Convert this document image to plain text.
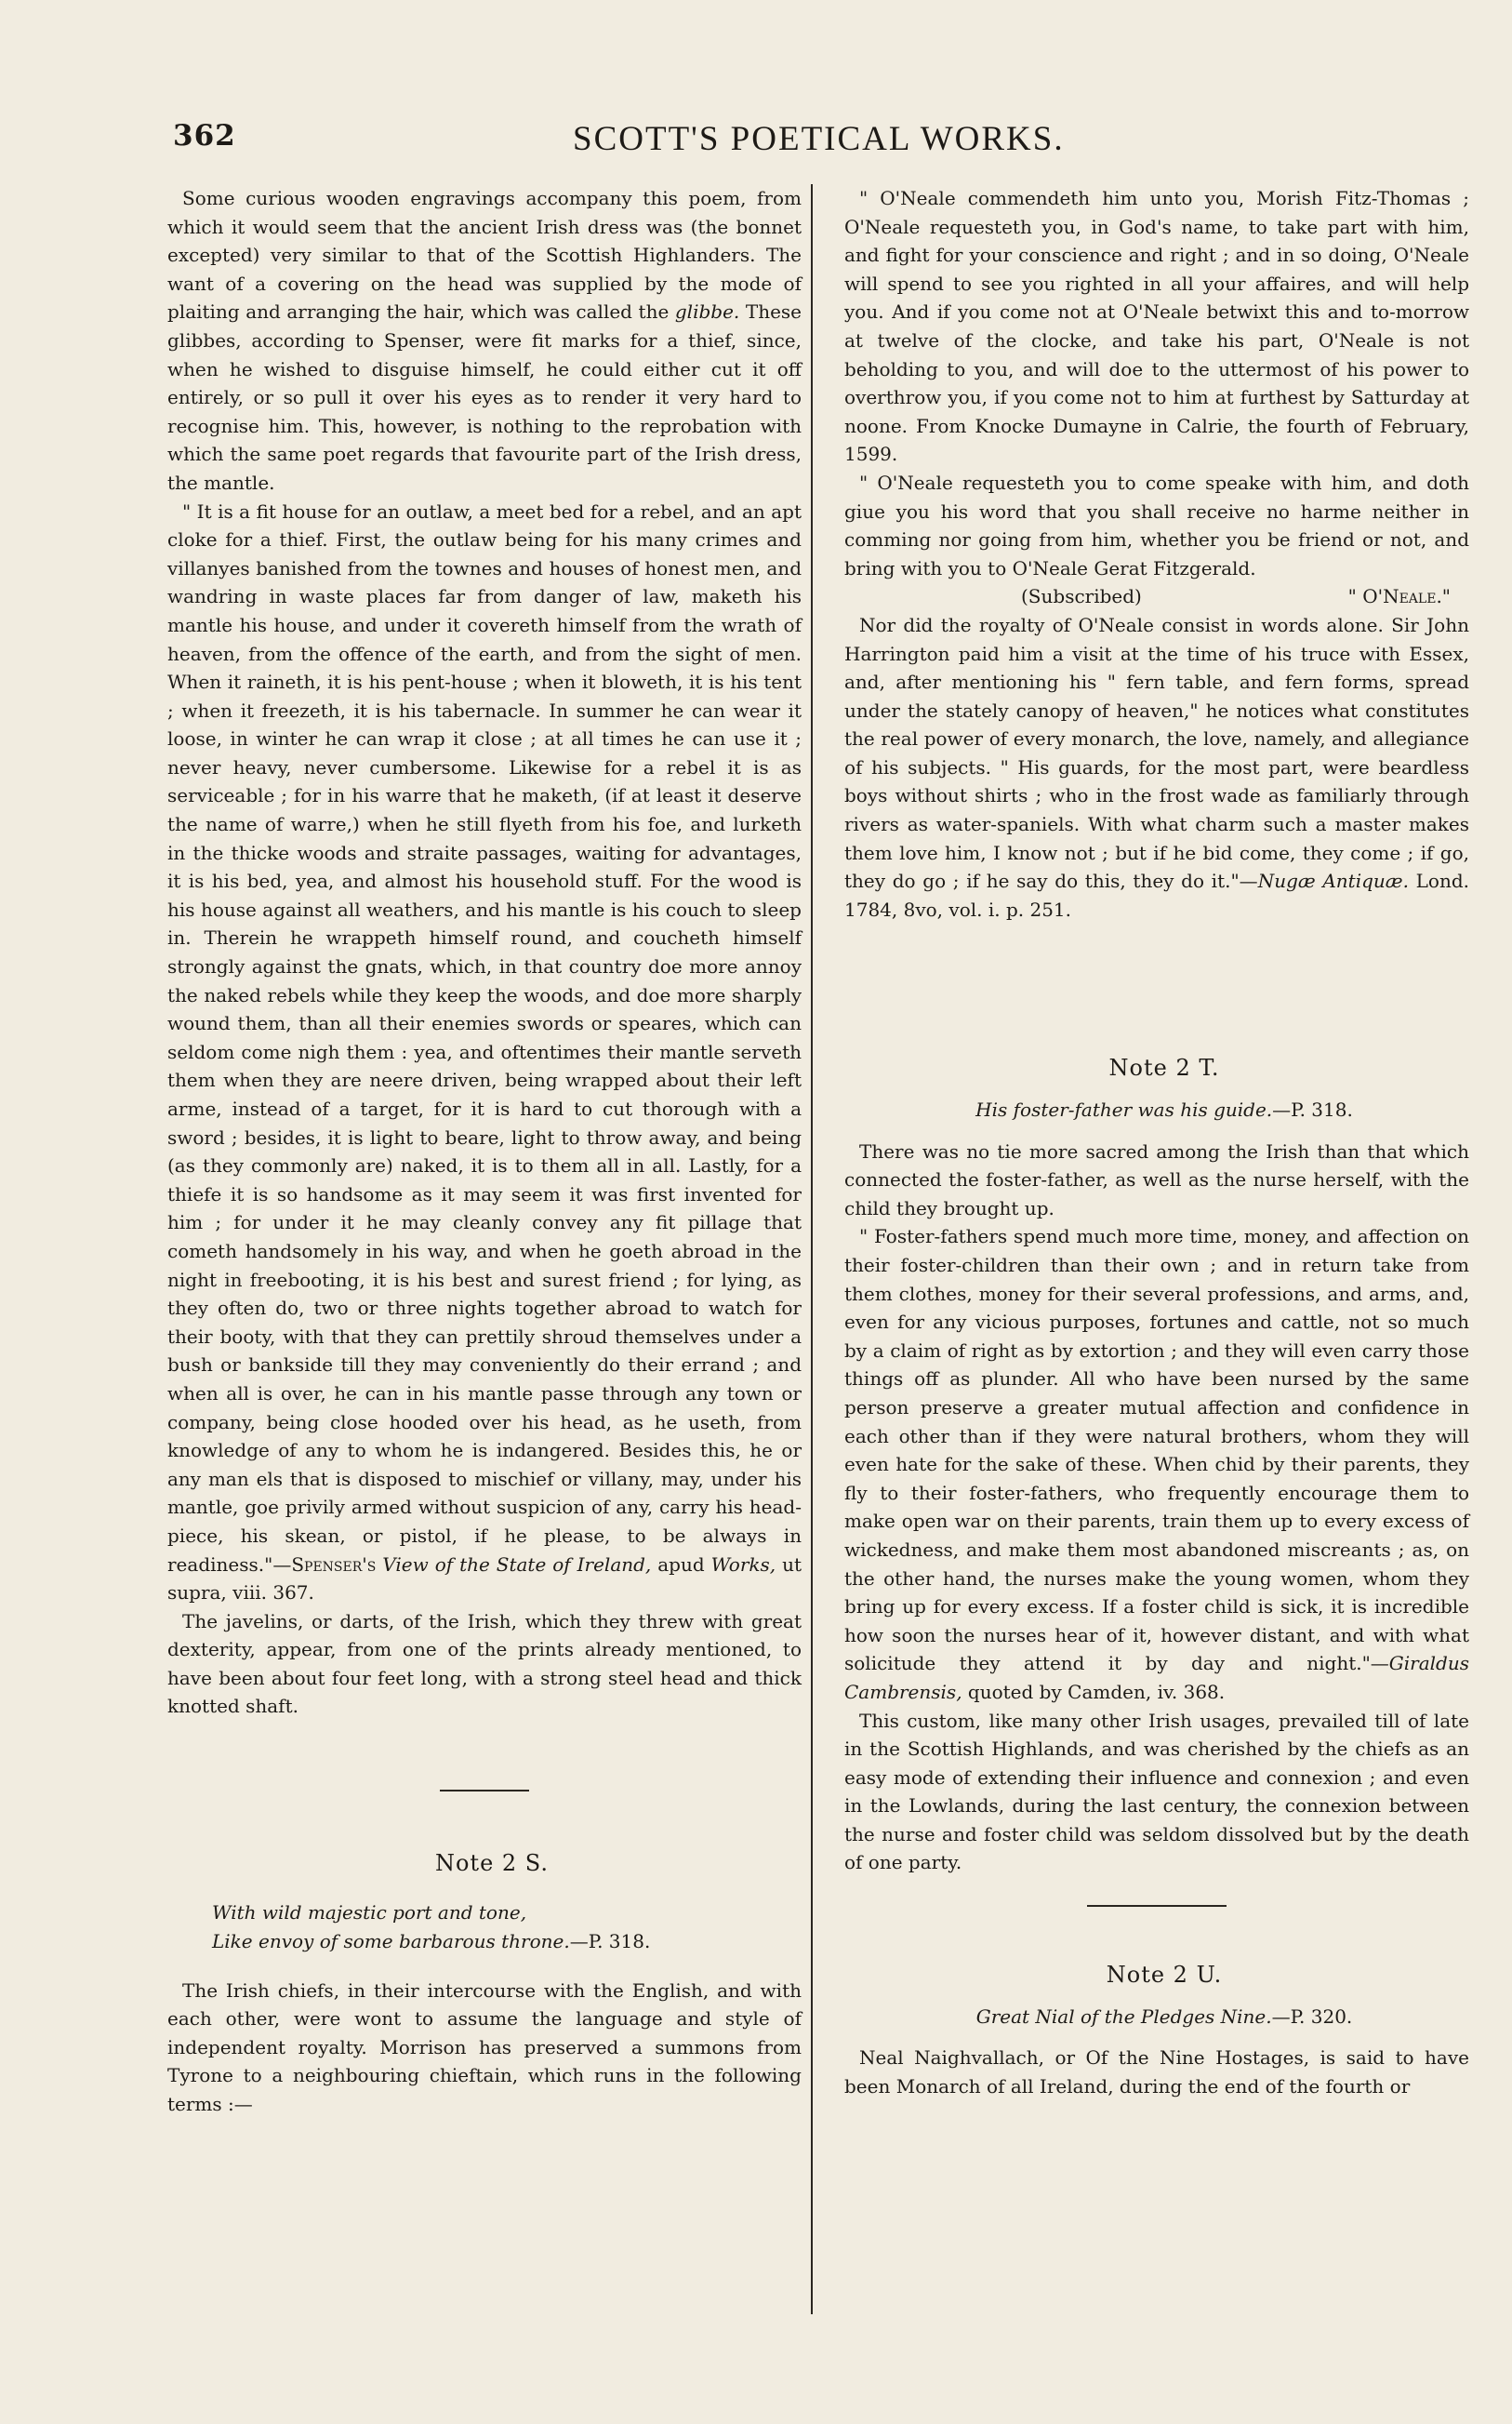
362	SCOTT'S POETICAL WORKS.

Some curious wooden engravings accompany this poem, from which it would seem that the ancient Irish dress was (the bonnet excepted) very similar to that of the Scottish Highlanders. The want of a covering on the head was supplied by the mode of plaiting and arranging the hair, which was called the glibbe. These glibbes, according to Spenser, were fit marks for a thief, since, when he wished to disguise himself, he could either cut it off entirely, or so pull it over his eyes as to render it very hard to recognise him. This, however, is nothing to the reprobation with which the same poet regards that favourite part of the Irish dress, the mantle.

" It is a fit house for an outlaw, a meet bed for a rebel, and an apt cloke for a thief. First, the outlaw being for his many crimes and villanyes banished from the townes and houses of honest men, and wandring in waste places far from danger of law, maketh his mantle his house, and under it covereth himself from the wrath of heaven, from the offence of the earth, and from the sight of men. When it raineth, it is his pent-house ; when it bloweth, it is his tent ; when it freezeth, it is his tabernacle. In summer he can wear it loose, in winter he can wrap it close ; at all times he can use it ; never heavy, never cumbersome. Likewise for a rebel it is as serviceable ; for in his warre that he maketh, (if at least it deserve the name of warre,) when he still flyeth from his foe, and lurketh in the thicke woods and straite passages, waiting for advantages, it is his bed, yea, and almost his household stuff. For the wood is his house against all weathers, and his mantle is his couch to sleep in. Therein he wrappeth himself round, and coucheth himself strongly against the gnats, which, in that country doe more annoy the naked rebels while they keep the woods, and doe more sharply wound them, than all their enemies swords or speares, which can seldom come nigh them : yea, and oftentimes their mantle serveth them when they are neere driven, being wrapped about their left arme, instead of a target, for it is hard to cut thorough with a sword ; besides, it is light to beare, light to throw away, and being (as they commonly are) naked, it is to them all in all. Lastly, for a thiefe it is so handsome as it may seem it was first invented for him ; for under it he may cleanly convey any fit pillage that cometh handsomely in his way, and when he goeth abroad in the night in freebooting, it is his best and surest friend ; for lying, as they often do, two or three nights together abroad to watch for their booty, with that they can prettily shroud themselves under a bush or bankside till they may conveniently do their errand ; and when all is over, he can in his mantle passe through any town or company, being close hooded over his head, as he useth, from knowledge of any to whom he is indangered. Besides this, he or any man els that is disposed to mischief or villany, may, under his mantle, goe privily armed without suspicion of any, carry his head-piece, his skean, or pistol, if he please, to be always in readiness."—Spenser's View of the State of Ireland, apud Works, ut supra, viii. 367.

The javelins, or darts, of the Irish, which they threw with great dexterity, appear, from one of the prints already mentioned, to have been about four feet long, with a strong steel head and thick knotted shaft.

Note 2 S.

With wild majestic port and tone,

Like envoy of some barbarous throne.—P. 318.

The Irish chiefs, in their intercourse with the English, and with each other, were wont to assume the language and style of independent royalty. Morrison has preserved a summons from Tyrone to a neighbouring chieftain, which runs in the following terms :—

" O'Neale commendeth him unto you, Morish Fitz-Thomas ; O'Neale requesteth you, in God's name, to take part with him, and fight for your conscience and right ; and in so doing, O'Neale will spend to see you righted in all your affaires, and will help you. And if you come not at O'Neale betwixt this and to-morrow at twelve of the clocke, and take his part, O'Neale is not beholding to you, and will doe to the uttermost of his power to overthrow you, if you come not to him at furthest by Satturday at noone. From Knocke Dumayne in Calrie, the fourth of February, 1599.

" O'Neale requesteth you to come speake with him, and doth giue you his word that you shall receive no harme neither in comming nor going from him, whether you be friend or not, and bring with you to O'Neale Gerat Fitzgerald.

(Subscribed)	" O'Neale."

Nor did the royalty of O'Neale consist in words alone. Sir John Harrington paid him a visit at the time of his truce with Essex, and, after mentioning his " fern table, and fern forms, spread under the stately canopy of heaven," he notices what constitutes the real power of every monarch, the love, namely, and allegiance of his subjects. " His guards, for the most part, were beardless boys without shirts ; who in the frost wade as familiarly through rivers as water-spaniels. With what charm such a master makes them love him, I know not ; but if he bid come, they come ; if go, they do go ; if he say do this, they do it."—Nugæ Antiquæ. Lond. 1784, 8vo, vol. i. p. 251.

Note 2 T.

His foster-father was his guide.—P. 318.

There was no tie more sacred among the Irish than that which connected the foster-father, as well as the nurse herself, with the child they brought up.

" Foster-fathers spend much more time, money, and affection on their foster-children than their own ; and in return take from them clothes, money for their several professions, and arms, and, even for any vicious purposes, fortunes and cattle, not so much by a claim of right as by extortion ; and they will even carry those things off as plunder. All who have been nursed by the same person preserve a greater mutual affection and confidence in each other than if they were natural brothers, whom they will even hate for the sake of these. When chid by their parents, they fly to their foster-fathers, who frequently encourage them to make open war on their parents, train them up to every excess of wickedness, and make them most abandoned miscreants ; as, on the other hand, the nurses make the young women, whom they bring up for every excess. If a foster child is sick, it is incredible how soon the nurses hear of it, however distant, and with what solicitude they attend it by day and night."—Giraldus Cambrensis, quoted by Camden, iv. 368.

This custom, like many other Irish usages, prevailed till of late in the Scottish Highlands, and was cherished by the chiefs as an easy mode of extending their influence and connexion ; and even in the Lowlands, during the last century, the connexion between the nurse and foster child was seldom dissolved but by the death of one party.

Note 2 U.

Great Nial of the Pledges Nine.—P. 320.

Neal Naighvallach, or Of the Nine Hostages, is said to have been Monarch of all Ireland, during the end of the fourth or
